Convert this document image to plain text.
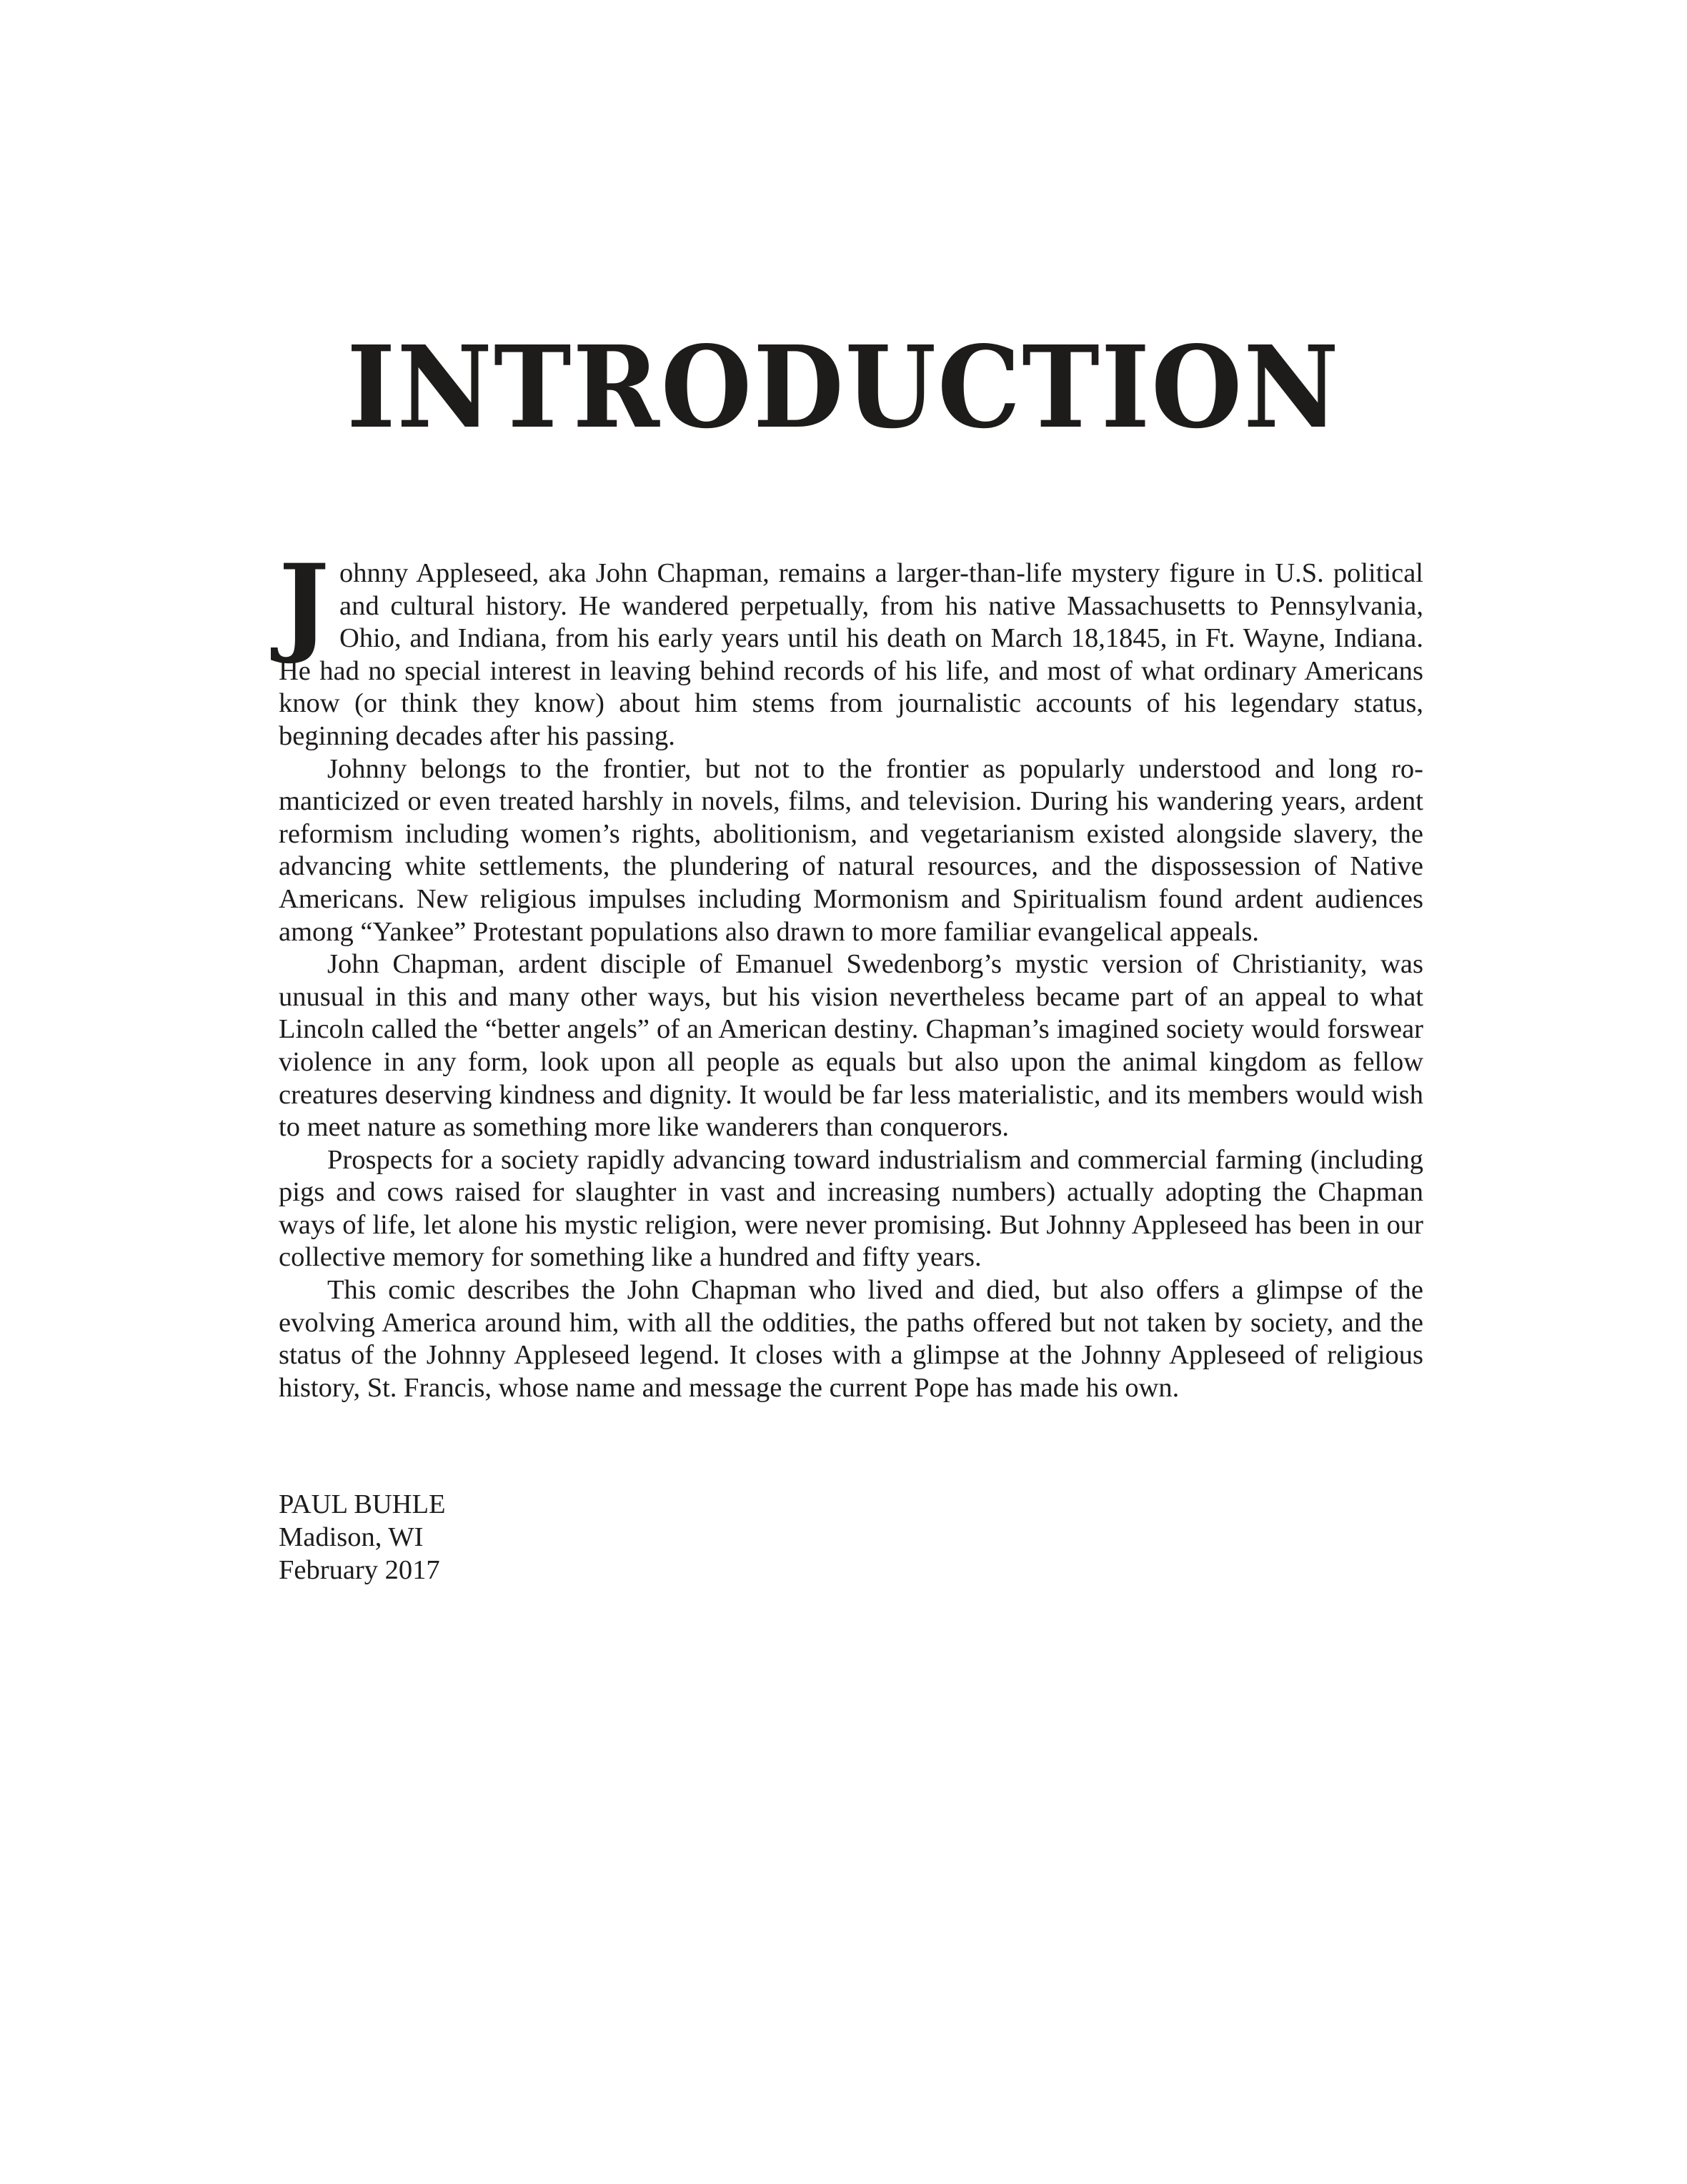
INTRODUCTION

Johnny Appleseed, aka John Chapman, remains a larger-than-life mystery figure in U.S. political and cultural history. He wandered perpetually, from his native Massachusetts to Pennsylvania, Ohio, and Indiana, from his early years until his death on March 18,1845, in Ft. Wayne, Indiana. He had no special interest in leaving behind records of his life, and most of what ordinary Americans know (or think they know) about him stems from journalistic accounts of his legendary status, beginning decades after his passing.

Johnny belongs to the frontier, but not to the frontier as popularly understood and long romanticized or even treated harshly in novels, films, and television. During his wandering years, ardent reformism including women’s rights, abolitionism, and vegetarianism existed alongside slavery, the advancing white settlements, the plundering of natural resources, and the dispossession of Native Americans. New religious impulses including Mormonism and Spiritualism found ardent audiences among “Yankee” Protestant populations also drawn to more familiar evangelical appeals.

John Chapman, ardent disciple of Emanuel Swedenborg’s mystic version of Christianity, was unusual in this and many other ways, but his vision nevertheless became part of an appeal to what Lincoln called the “better angels” of an American destiny. Chapman’s imagined society would forswear violence in any form, look upon all people as equals but also upon the animal kingdom as fellow creatures deserving kindness and dignity. It would be far less materialistic, and its members would wish to meet nature as something more like wanderers than conquerors.

Prospects for a society rapidly advancing toward industrialism and commercial farming (including pigs and cows raised for slaughter in vast and increasing numbers) actually adopting the Chapman ways of life, let alone his mystic religion, were never promising. But Johnny Appleseed has been in our collective memory for something like a hundred and fifty years.

This comic describes the John Chapman who lived and died, but also offers a glimpse of the evolving America around him, with all the oddities, the paths offered but not taken by society, and the status of the Johnny Appleseed legend. It closes with a glimpse at the Johnny Appleseed of religious history, St. Francis, whose name and message the current Pope has made his own.

PAUL BUHLE
Madison, WI
February 2017
